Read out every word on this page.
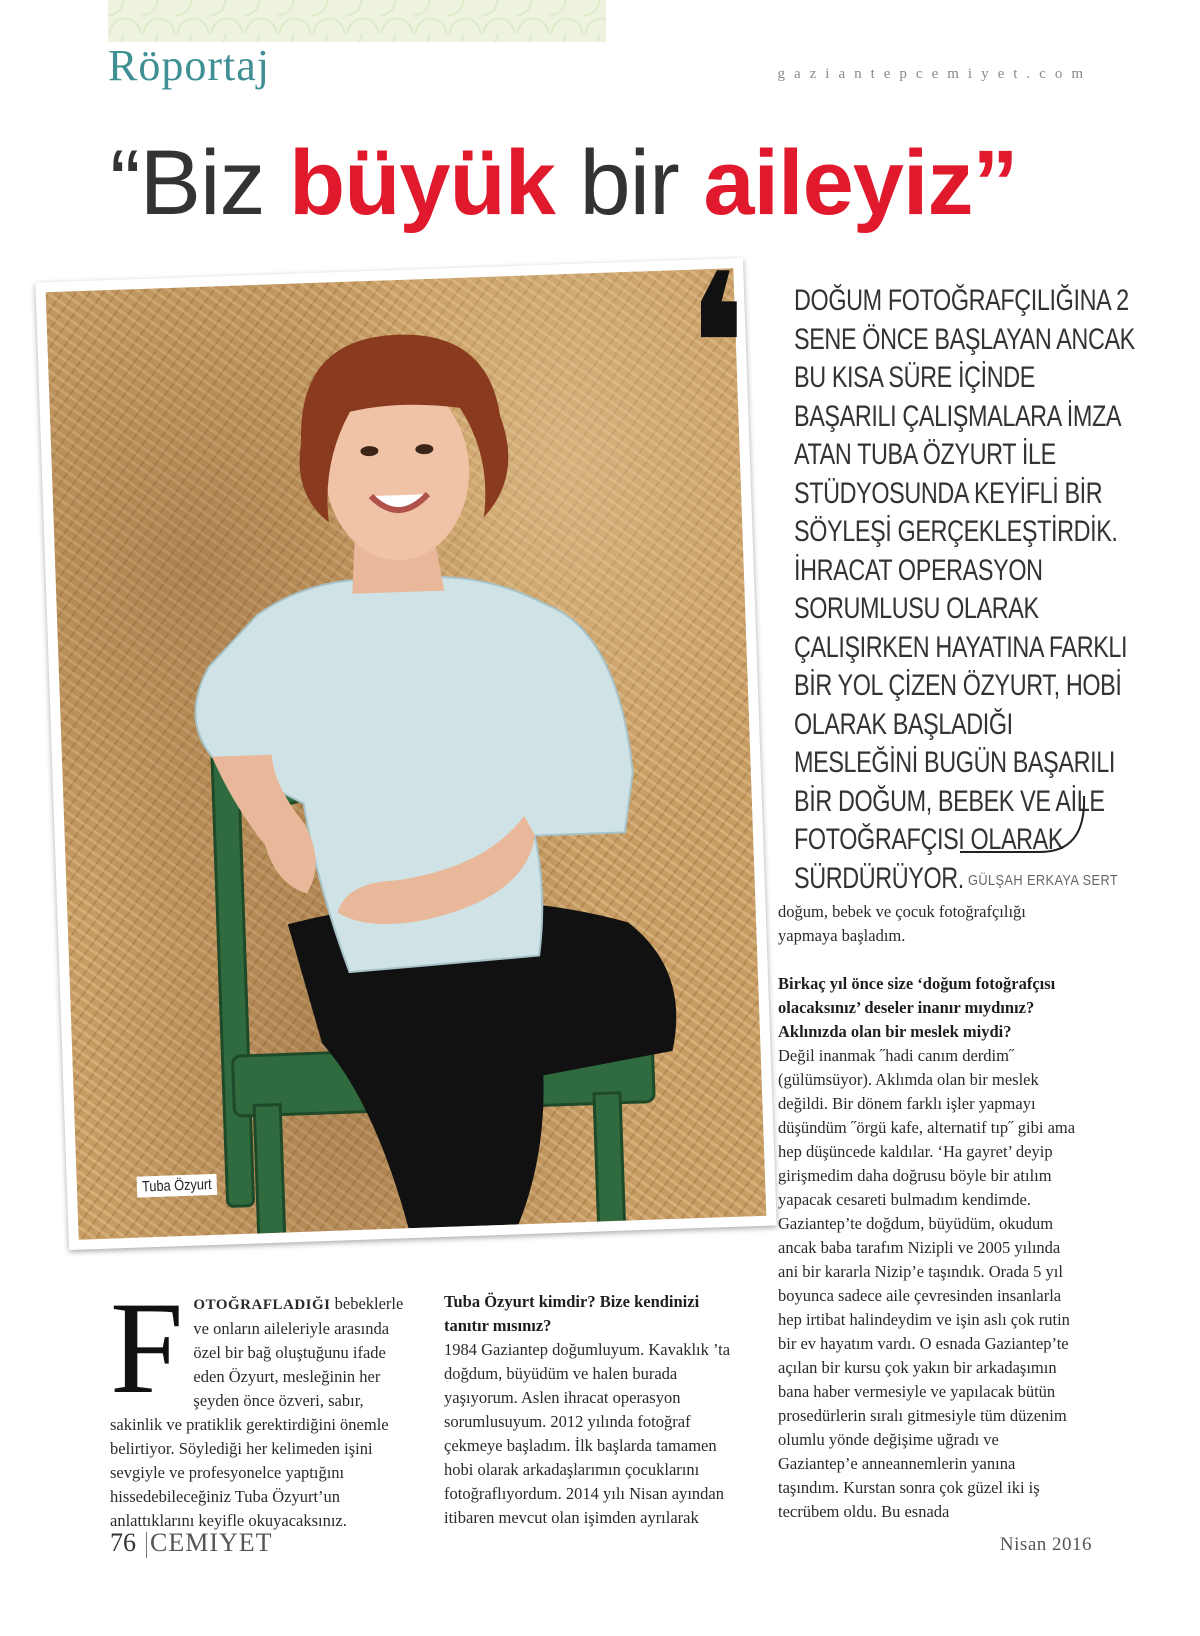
Röportaj	gaziantepcemiyet.com
“Biz büyük bir aileyiz”
Tuba Özyurt
❛ DOĞUM FOTOĞRAFÇILIĞINA 2 SENE ÖNCE BAŞLAYAN ANCAK BU KISA SÜRE İÇİNDE BAŞARILI ÇALIŞMALARA İMZA ATAN TUBA ÖZYURT İLE STÜDYOSUNDA KEYİFLİ BİR SÖYLEŞİ GERÇEKLEŞTİRDİK. İHRACAT OPERASYON SORUMLUSU OLARAK ÇALIŞIRKEN HAYATINA FARKLI BİR YOL ÇİZEN ÖZYURT, HOBİ OLARAK BAŞLADIĞI MESLEĞİNİ BUGÜN BAŞARILI BİR DOĞUM, BEBEK VE AİLE FOTOĞRAFÇISI OLARAK SÜRDÜRÜYOR. GÜLŞAH ERKAYA SERT
F OTOĞRAFLADIĞI bebeklerle ve onların aileleriyle arasında özel bir bağ oluştuğunu ifade eden Özyurt, mesleğinin her şeyden önce özveri, sabır, sakinlik ve pratiklik gerektirdiğini önemle belirtiyor. Söylediği her kelimeden işini sevgiyle ve profesyonelce yaptığını hissedebileceğiniz Tuba Özyurt’un anlattıklarını keyifle okuyacaksınız.

Tuba Özyurt kimdir? Bize kendinizi tanıtır mısınız?

1984 Gaziantep doğumluyum. Kavaklık ’ta doğdum, büyüdüm ve halen burada yaşıyorum. Aslen ihracat operasyon sorumlusuyum. 2012 yılında fotoğraf çekmeye başladım. İlk başlarda tamamen hobi olarak arkadaşlarımın çocuklarını fotoğraflıyordum. 2014 yılı Nisan ayından itibaren mevcut olan işimden ayrılarak

doğum, bebek ve çocuk fotoğrafçılığı yapmaya başladım.

Birkaç yıl önce size ‘doğum fotoğrafçısı olacaksınız’ deseler inanır mıydınız? Aklınızda olan bir meslek miydi?

Değil inanmak ˝hadi canım derdim˝ (gülümsüyor). Aklımda olan bir meslek değildi. Bir dönem farklı işler yapmayı düşündüm ˝örgü kafe, alternatif tıp˝ gibi ama hep düşüncede kaldılar. ‘Ha gayret’ deyip girişmedim daha doğrusu böyle bir atılım yapacak cesareti bulmadım kendimde. Gaziantep’te doğdum, büyüdüm, okudum ancak baba tarafım Nizipli ve 2005 yılında ani bir kararla Nizip’e taşındık. Orada 5 yıl boyunca sadece aile çevresinden insanlarla hep irtibat halindeydim ve işin aslı çok rutin bir ev hayatım vardı. O esnada Gaziantep’te açılan bir kursu çok yakın bir arkadaşımın bana haber vermesiyle ve yapılacak bütün prosedürlerin sıralı gitmesiyle tüm düzenim olumlu yönde değişime uğradı ve Gaziantep’e anneannemlerin yanına taşındım. Kurstan sonra çok güzel iki iş tecrübem oldu. Bu esnada

76 CEMIYET	Nisan 2016
